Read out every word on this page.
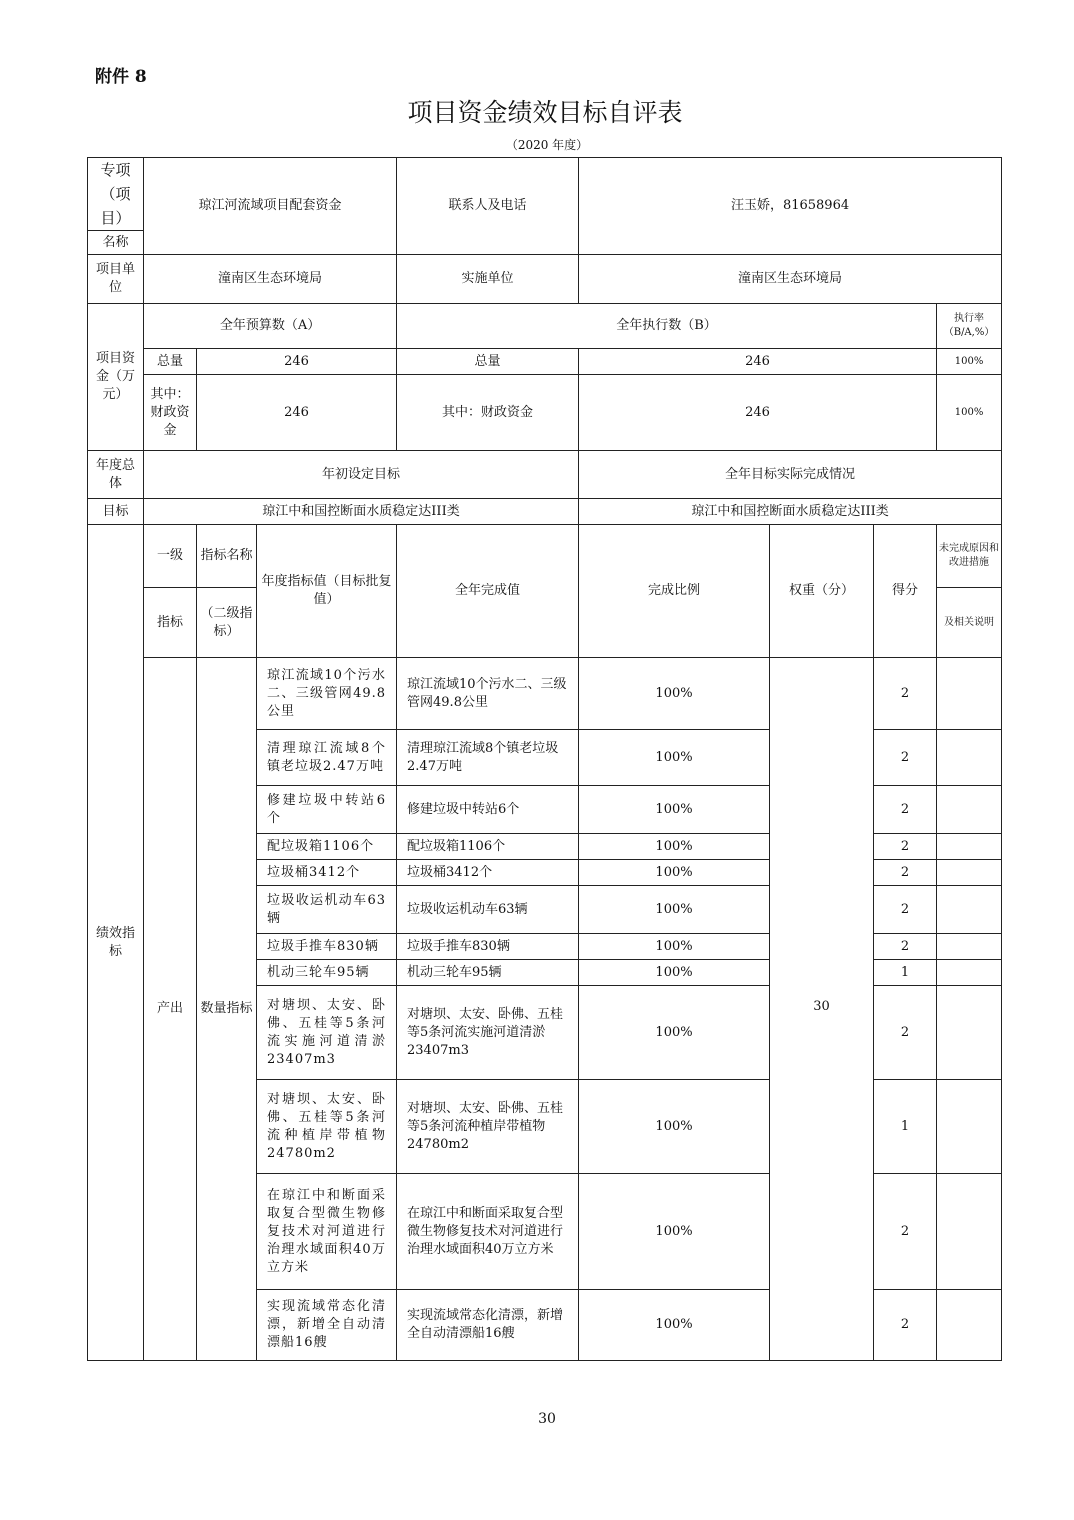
附件 8
项目资金绩效目标自评表
（2020 年度）
专项（项目）	琼江河流域项目配套资金			联系人及电话	汪玉娇，81658964			
名称								
项目单位	潼南区生态环境局			实施单位	潼南区生态环境局			
项目资金（万元）	全年预算数（A）			全年执行数（B）				执行率（B/A,%）
	总量	246		总量	246			100%
	其中：财政资金	246		其中：财政资金	246			100%
年度总体	年初设定目标				全年目标实际完成情况			
目标	琼江中和国控断面水质稳定达III类				琼江中和国控断面水质稳定达III类			
绩效指标	一级	指标名称	年度指标值（目标批复值）	全年完成值	完成比例	权重（分）	得分	未完成原因和改进措施
	指标	（二级指标）						及相关说明
	产出	数量指标	琼江流域10个污水二、三级管网49.8公里	琼江流域10个污水二、三级管网49.8公里	100%	30	2	
			清理琼江流域8个镇老垃圾2.47万吨	清理琼江流域8个镇老垃圾2.47万吨	100%		2	
			修建垃圾中转站6个	修建垃圾中转站6个	100%		2	
			配垃圾箱1106个	配垃圾箱1106个	100%		2	
			垃圾桶3412个	垃圾桶3412个	100%		2	
			垃圾收运机动车63辆	垃圾收运机动车63辆	100%		2	
			垃圾手推车830辆	垃圾手推车830辆	100%		2	
			机动三轮车95辆	机动三轮车95辆	100%		1	
			对塘坝、太安、卧佛、五桂等5条河流实施河道清淤23407m3	对塘坝、太安、卧佛、五桂等5条河流实施河道清淤23407m3	100%		2	
			对塘坝、太安、卧佛、五桂等5条河流种植岸带植物24780m2	对塘坝、太安、卧佛、五桂等5条河流种植岸带植物24780m2	100%		1	
			在琼江中和断面采取复合型微生物修复技术对河道进行治理水域面积40万立方米	在琼江中和断面采取复合型微生物修复技术对河道进行治理水域面积40万立方米	100%		2	
			实现流域常态化清漂，新增全自动清漂船16艘	实现流域常态化清漂，新增全自动清漂船16艘	100%		2	
30
